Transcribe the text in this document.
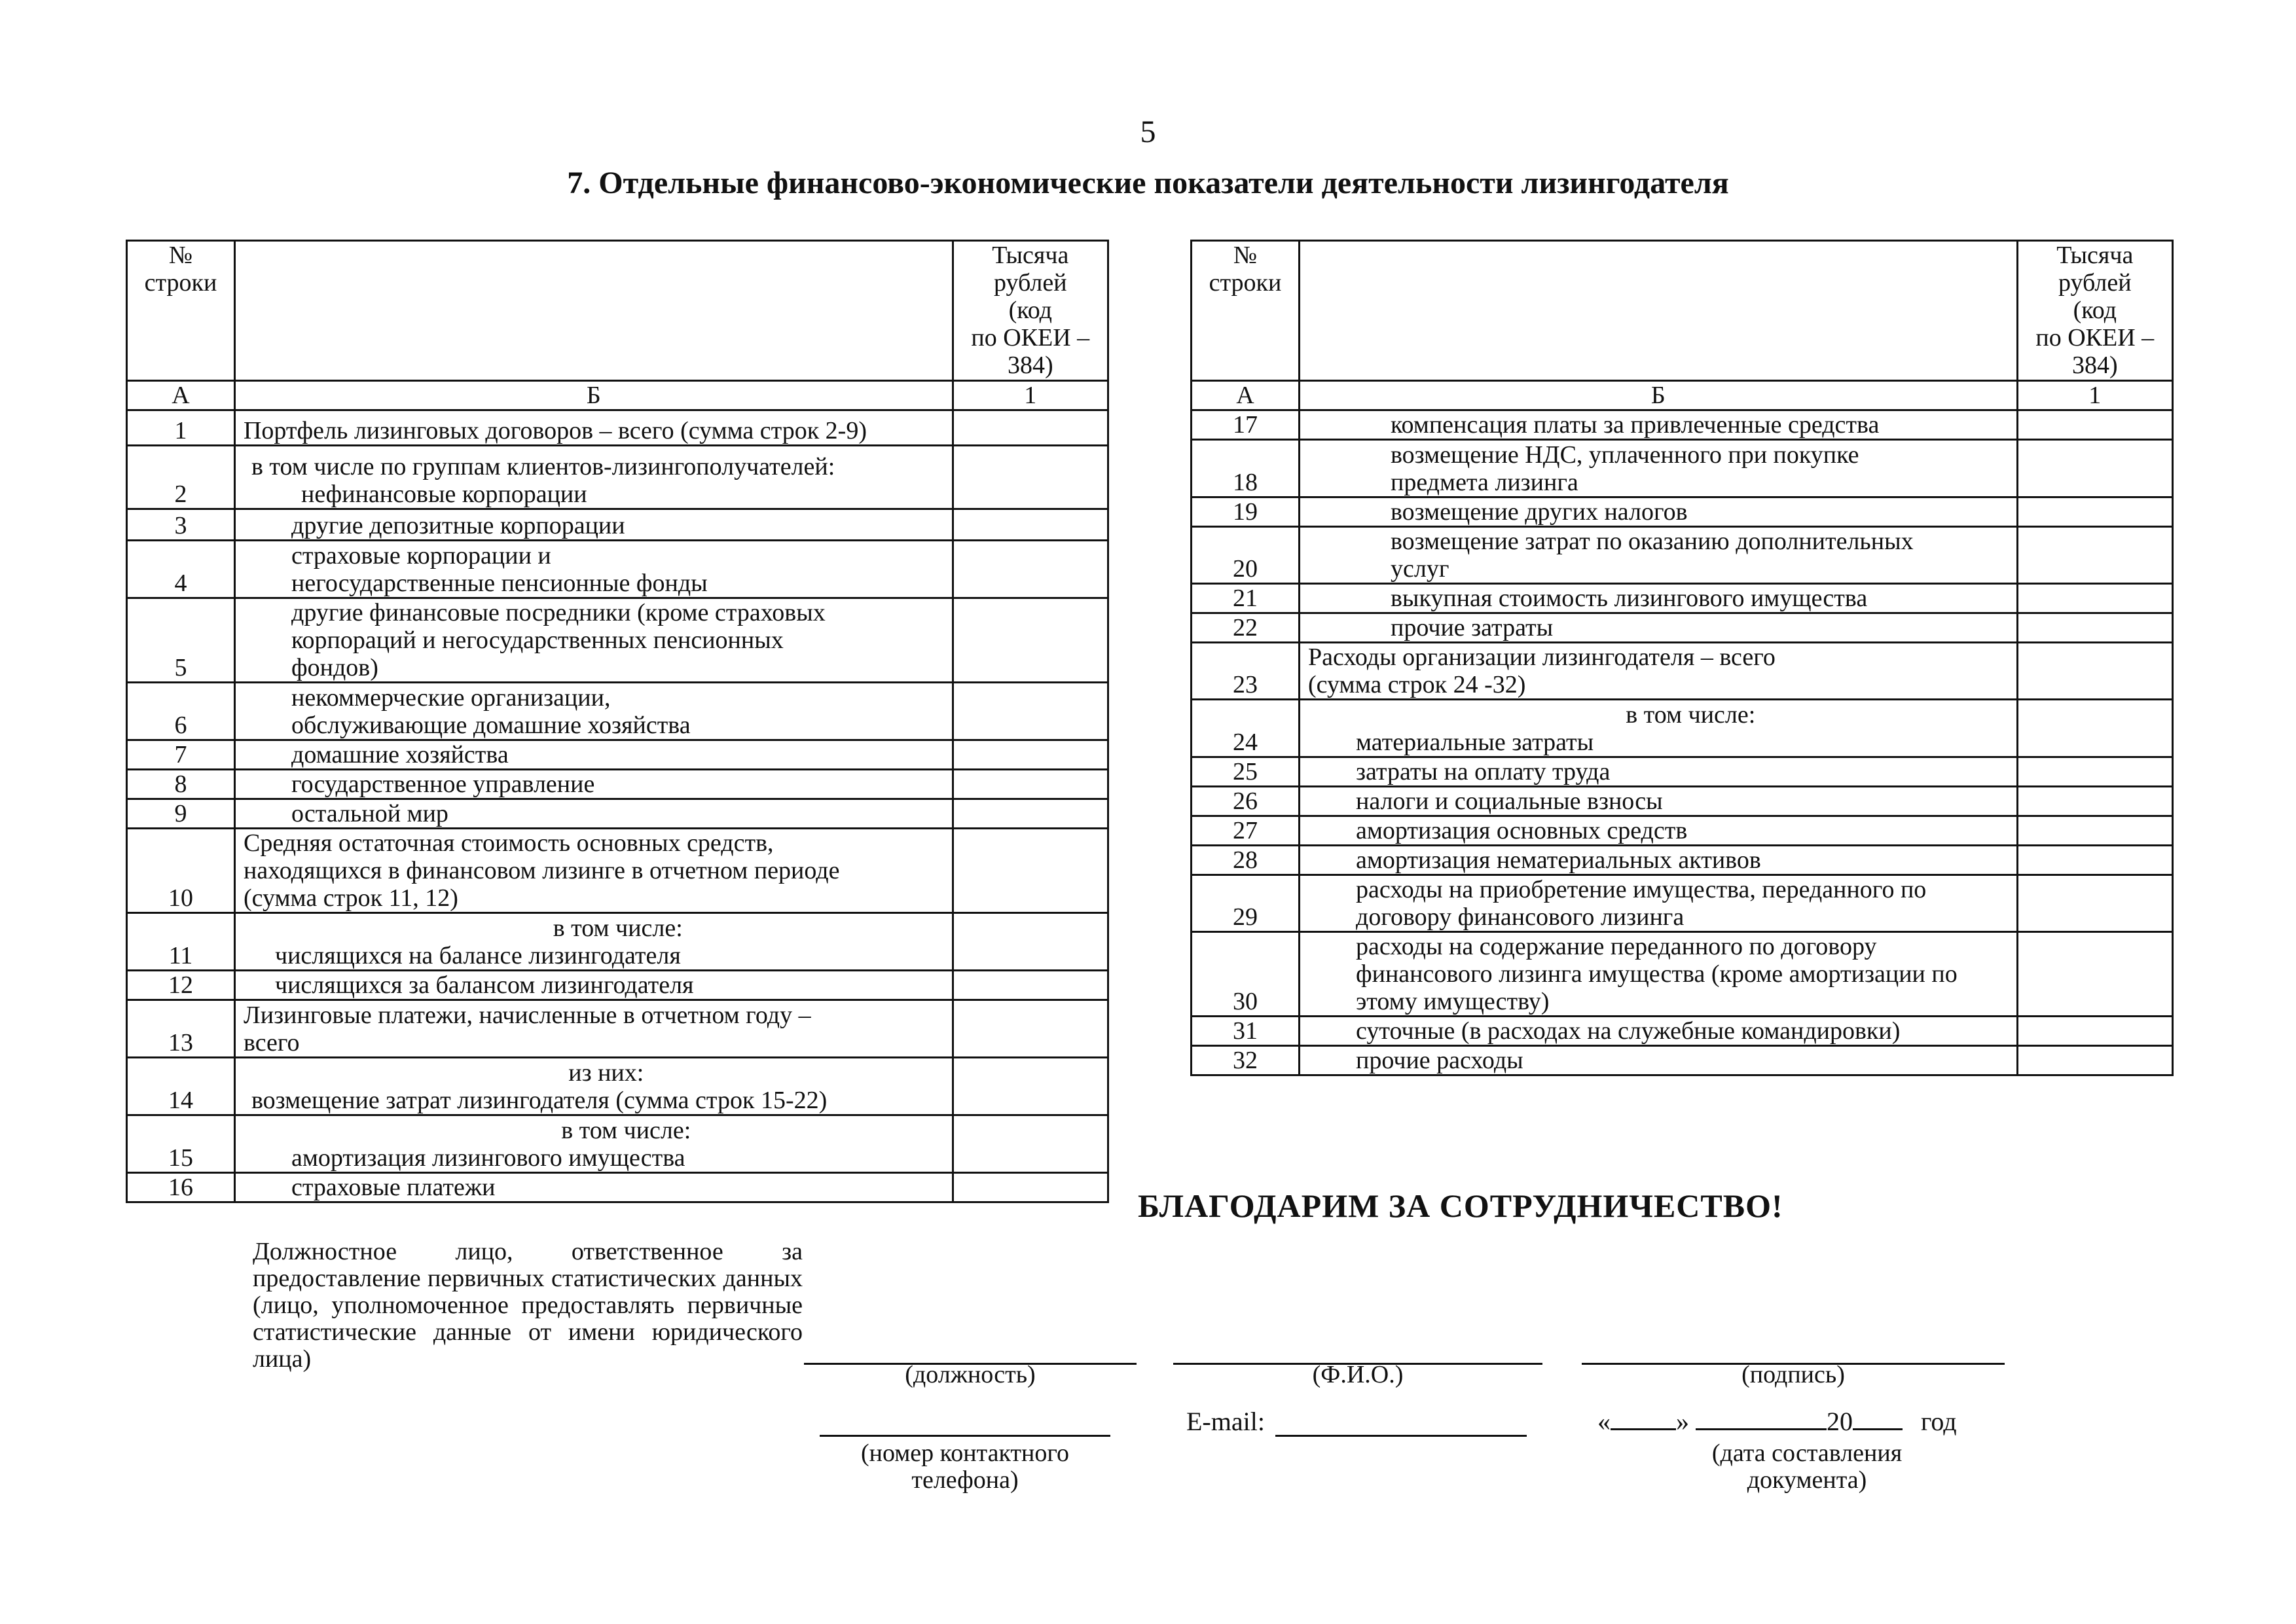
5
7. Отдельные финансово-экономические показатели деятельности лизингодателя
№
строки		Тысяча
рублей
(код
по ОКЕИ –
384)
А	Б	1
1	Портфель лизинговых договоров – всего (сумма строк 2-9)	
2	в том числе по группам клиентов-лизингополучателей:
нефинансовые корпорации	
3	другие депозитные корпорации	
4	страховые корпорации и
негосударственные пенсионные фонды	
5	другие финансовые посредники (кроме страховых
корпораций и негосударственных пенсионных
фондов)	
6	некоммерческие организации,
обслуживающие домашние хозяйства	
7	домашние хозяйства	
8	государственное управление	
9	остальной мир	
10	Средняя остаточная стоимость основных средств,
находящихся в финансовом лизинге в отчетном периоде
(сумма строк 11, 12)	
11	в том числе:
числящихся на балансе лизингодателя	

12	числящихся за балансом лизингодателя	
13	Лизинговые платежи, начисленные в отчетном году –
всего	
14	из них:
возмещение затрат лизингодателя (сумма строк 15-22)	

15	в том числе:
амортизация лизингового имущества	

16	страховые платежи	
№
строки		Тысяча
рублей
(код
по ОКЕИ –
384)
А	Б	1
17	компенсация платы за привлеченные средства	
18	возмещение НДС, уплаченного при покупке
предмета лизинга	
19	возмещение других налогов	
20	возмещение затрат по оказанию дополнительных
услуг	
21	выкупная стоимость лизингового имущества	
22	прочие затраты	
23	Расходы организации лизингодателя – всего
(сумма строк 24 -32)	
24	в том числе:
материальные затраты	

25	затраты на оплату труда	
26	налоги и социальные взносы	
27	амортизация основных средств	
28	амортизация нематериальных активов	
29	расходы на приобретение имущества, переданного по
договору финансового лизинга	
30	расходы на содержание переданного по договору
финансового лизинга имущества (кроме амортизации по
этому имуществу)	
31	суточные (в расходах на служебные командировки)	
32	прочие расходы	
БЛАГОДАРИМ ЗА СОТРУДНИЧЕСТВО!
Должностное лицо, ответственное за предоставление первичных статистических данных (лицо, уполномоченное предоставлять первичные статистические данные от имени юридического лица)
(должность)	(Ф.И.О.)	(подпись)
(номер контактного
телефона)
E-mail:	«	»	20	год
(дата составления
документа)
